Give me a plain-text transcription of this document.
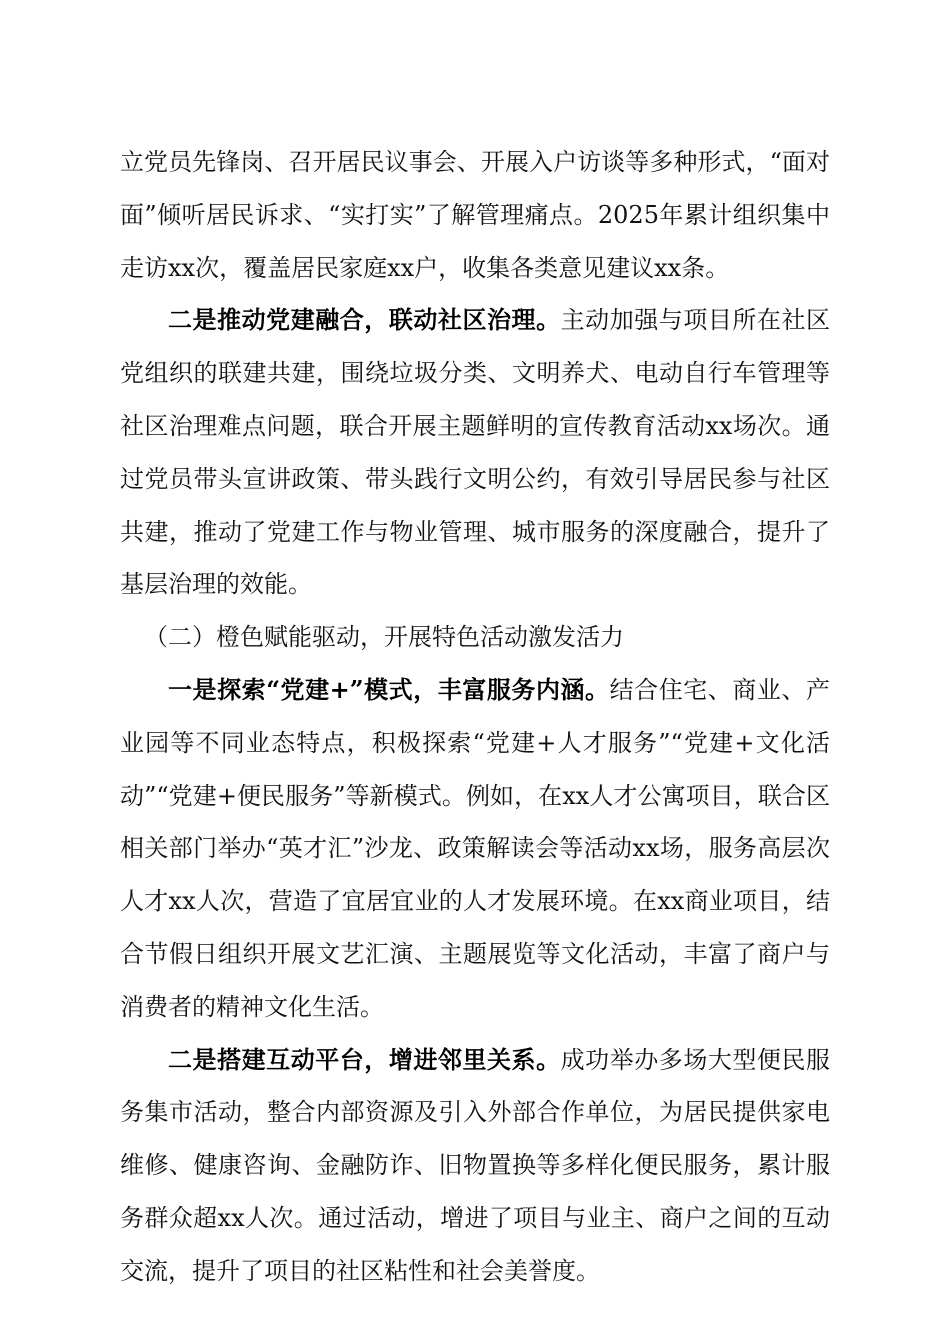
立党员先锋岗、召开居民议事会、开展入户访谈等多种形式，“面对面”倾听居民诉求、“实打实”了解管理痛点。2025年累计组织集中走访xx次，覆盖居民家庭xx户，收集各类意见建议xx条。

二是推动党建融合，联动社区治理。主动加强与项目所在社区党组织的联建共建，围绕垃圾分类、文明养犬、电动自行车管理等社区治理难点问题，联合开展主题鲜明的宣传教育活动xx场次。通过党员带头宣讲政策、带头践行文明公约，有效引导居民参与社区共建，推动了党建工作与物业管理、城市服务的深度融合，提升了基层治理的效能。

（二）橙色赋能驱动，开展特色活动激发活力

一是探索“党建+”模式，丰富服务内涵。结合住宅、商业、产业园等不同业态特点，积极探索“党建+人才服务”“党建+文化活动”“党建+便民服务”等新模式。例如，在xx人才公寓项目，联合区相关部门举办“英才汇”沙龙、政策解读会等活动xx场，服务高层次人才xx人次，营造了宜居宜业的人才发展环境。在xx商业项目，结合节假日组织开展文艺汇演、主题展览等文化活动，丰富了商户与消费者的精神文化生活。

二是搭建互动平台，增进邻里关系。成功举办多场大型便民服务集市活动，整合内部资源及引入外部合作单位，为居民提供家电维修、健康咨询、金融防诈、旧物置换等多样化便民服务，累计服务群众超xx人次。通过活动，增进了项目与业主、商户之间的互动交流，提升了项目的社区粘性和社会美誉度。
